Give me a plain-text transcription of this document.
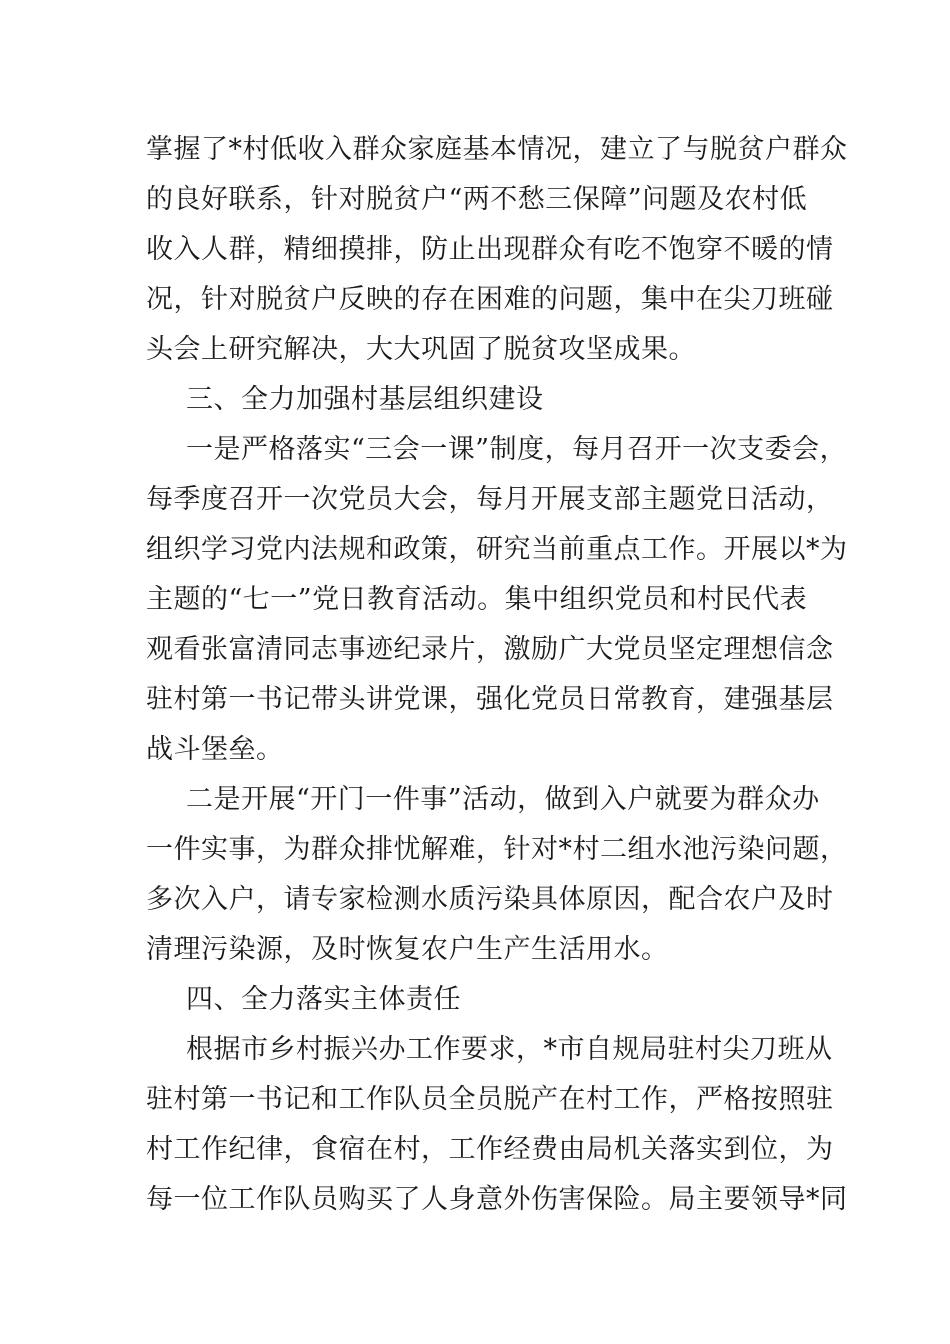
掌握了*村低收入群众家庭基本情况，建立了与脱贫户群众
的良好联系，针对脱贫户“两不愁三保障”问题及农村低
收入人群，精细摸排，防止出现群众有吃不饱穿不暖的情
况，针对脱贫户反映的存在困难的问题，集中在尖刀班碰
头会上研究解决，大大巩固了脱贫攻坚成果。
三、全力加强村基层组织建设
一是严格落实“三会一课”制度，每月召开一次支委会，
每季度召开一次党员大会，每月开展支部主题党日活动，
组织学习党内法规和政策，研究当前重点工作。开展以*为
主题的“七一”党日教育活动。集中组织党员和村民代表
观看张富清同志事迹纪录片，激励广大党员坚定理想信念
驻村第一书记带头讲党课，强化党员日常教育，建强基层
战斗堡垒。
二是开展“开门一件事”活动，做到入户就要为群众办
一件实事，为群众排忧解难，针对*村二组水池污染问题，
多次入户，请专家检测水质污染具体原因，配合农户及时
清理污染源，及时恢复农户生产生活用水。
四、全力落实主体责任
根据市乡村振兴办工作要求，*市自规局驻村尖刀班从
驻村第一书记和工作队员全员脱产在村工作，严格按照驻
村工作纪律，食宿在村，工作经费由局机关落实到位，为
每一位工作队员购买了人身意外伤害保险。局主要领导*同
